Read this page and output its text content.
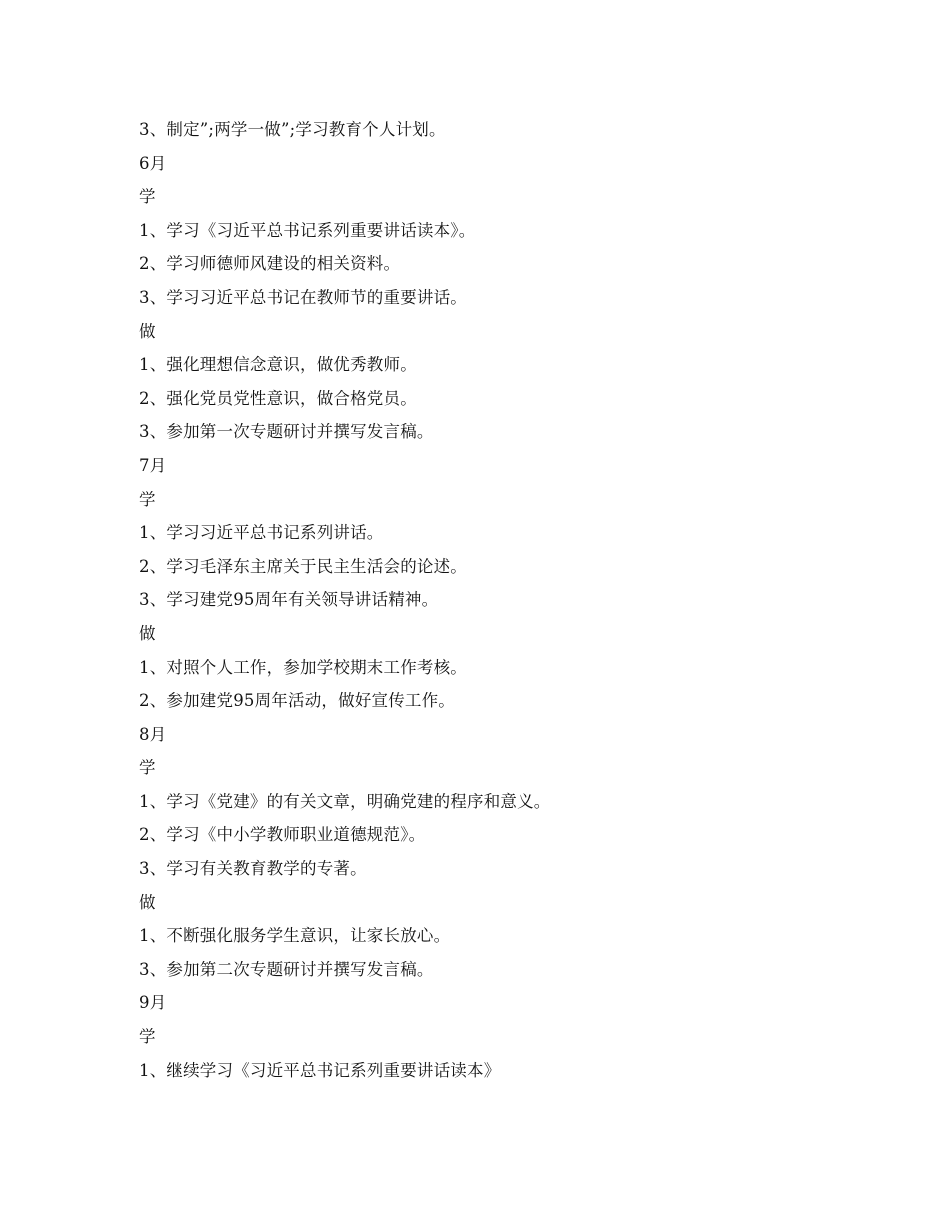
3、制定”;两学一做”;学习教育个人计划。
6月
学
1、学习《习近平总书记系列重要讲话读本》。
2、学习师德师风建设的相关资料。
3、学习习近平总书记在教师节的重要讲话。
做
1、强化理想信念意识，做优秀教师。
2、强化党员党性意识，做合格党员。
3、参加第一次专题研讨并撰写发言稿。
7月
学
1、学习习近平总书记系列讲话。
2、学习毛泽东主席关于民主生活会的论述。
3、学习建党95周年有关领导讲话精神。
做
1、对照个人工作，参加学校期末工作考核。
2、参加建党95周年活动，做好宣传工作。
8月
学
1、学习《党建》的有关文章，明确党建的程序和意义。
2、学习《中小学教师职业道德规范》。
3、学习有关教育教学的专著。
做
1、不断强化服务学生意识，让家长放心。
3、参加第二次专题研讨并撰写发言稿。
9月
学
1、继续学习《习近平总书记系列重要讲话读本》
